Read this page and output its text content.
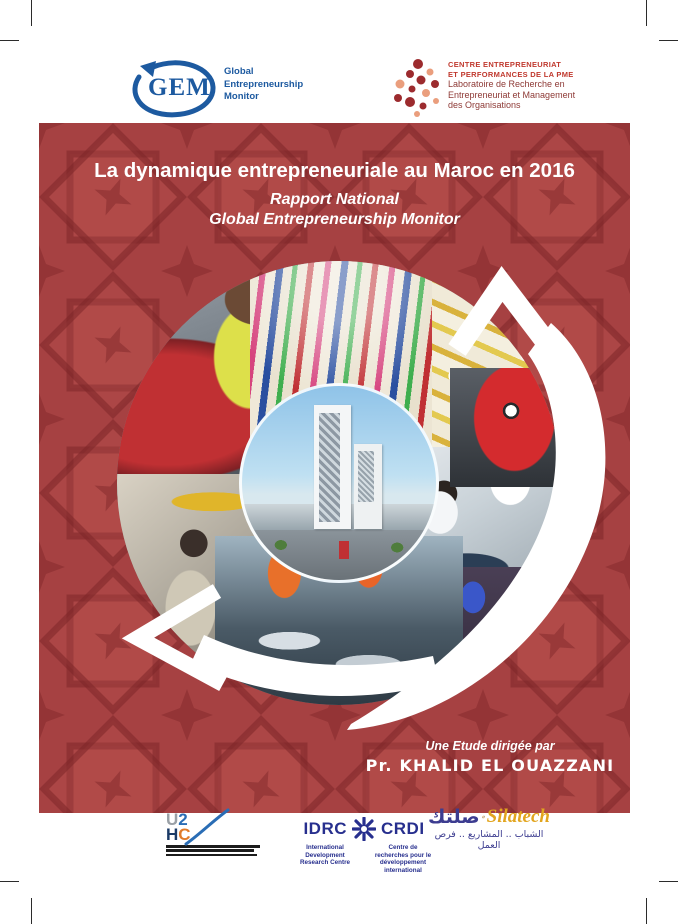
GEM
Global
Entrepreneurship
Monitor
CENTRE ENTREPRENEURIAT
ET PERFORMANCES DE LA PME
Laboratoire de Recherche en
Entrepreneuriat et Management
des Organisations
La dynamique entrepreneuriale au Maroc en 2016
Rapport National
Global Entrepreneurship Monitor
Une Etude dirigée par
Pr. KHALID EL OUAZZANI
U2
HC	IDRC CRDI
International Development Research Centre
Centre de recherches pour le développement international
صلتك Silatech
الشباب .. المشاريع .. فرص العمل
